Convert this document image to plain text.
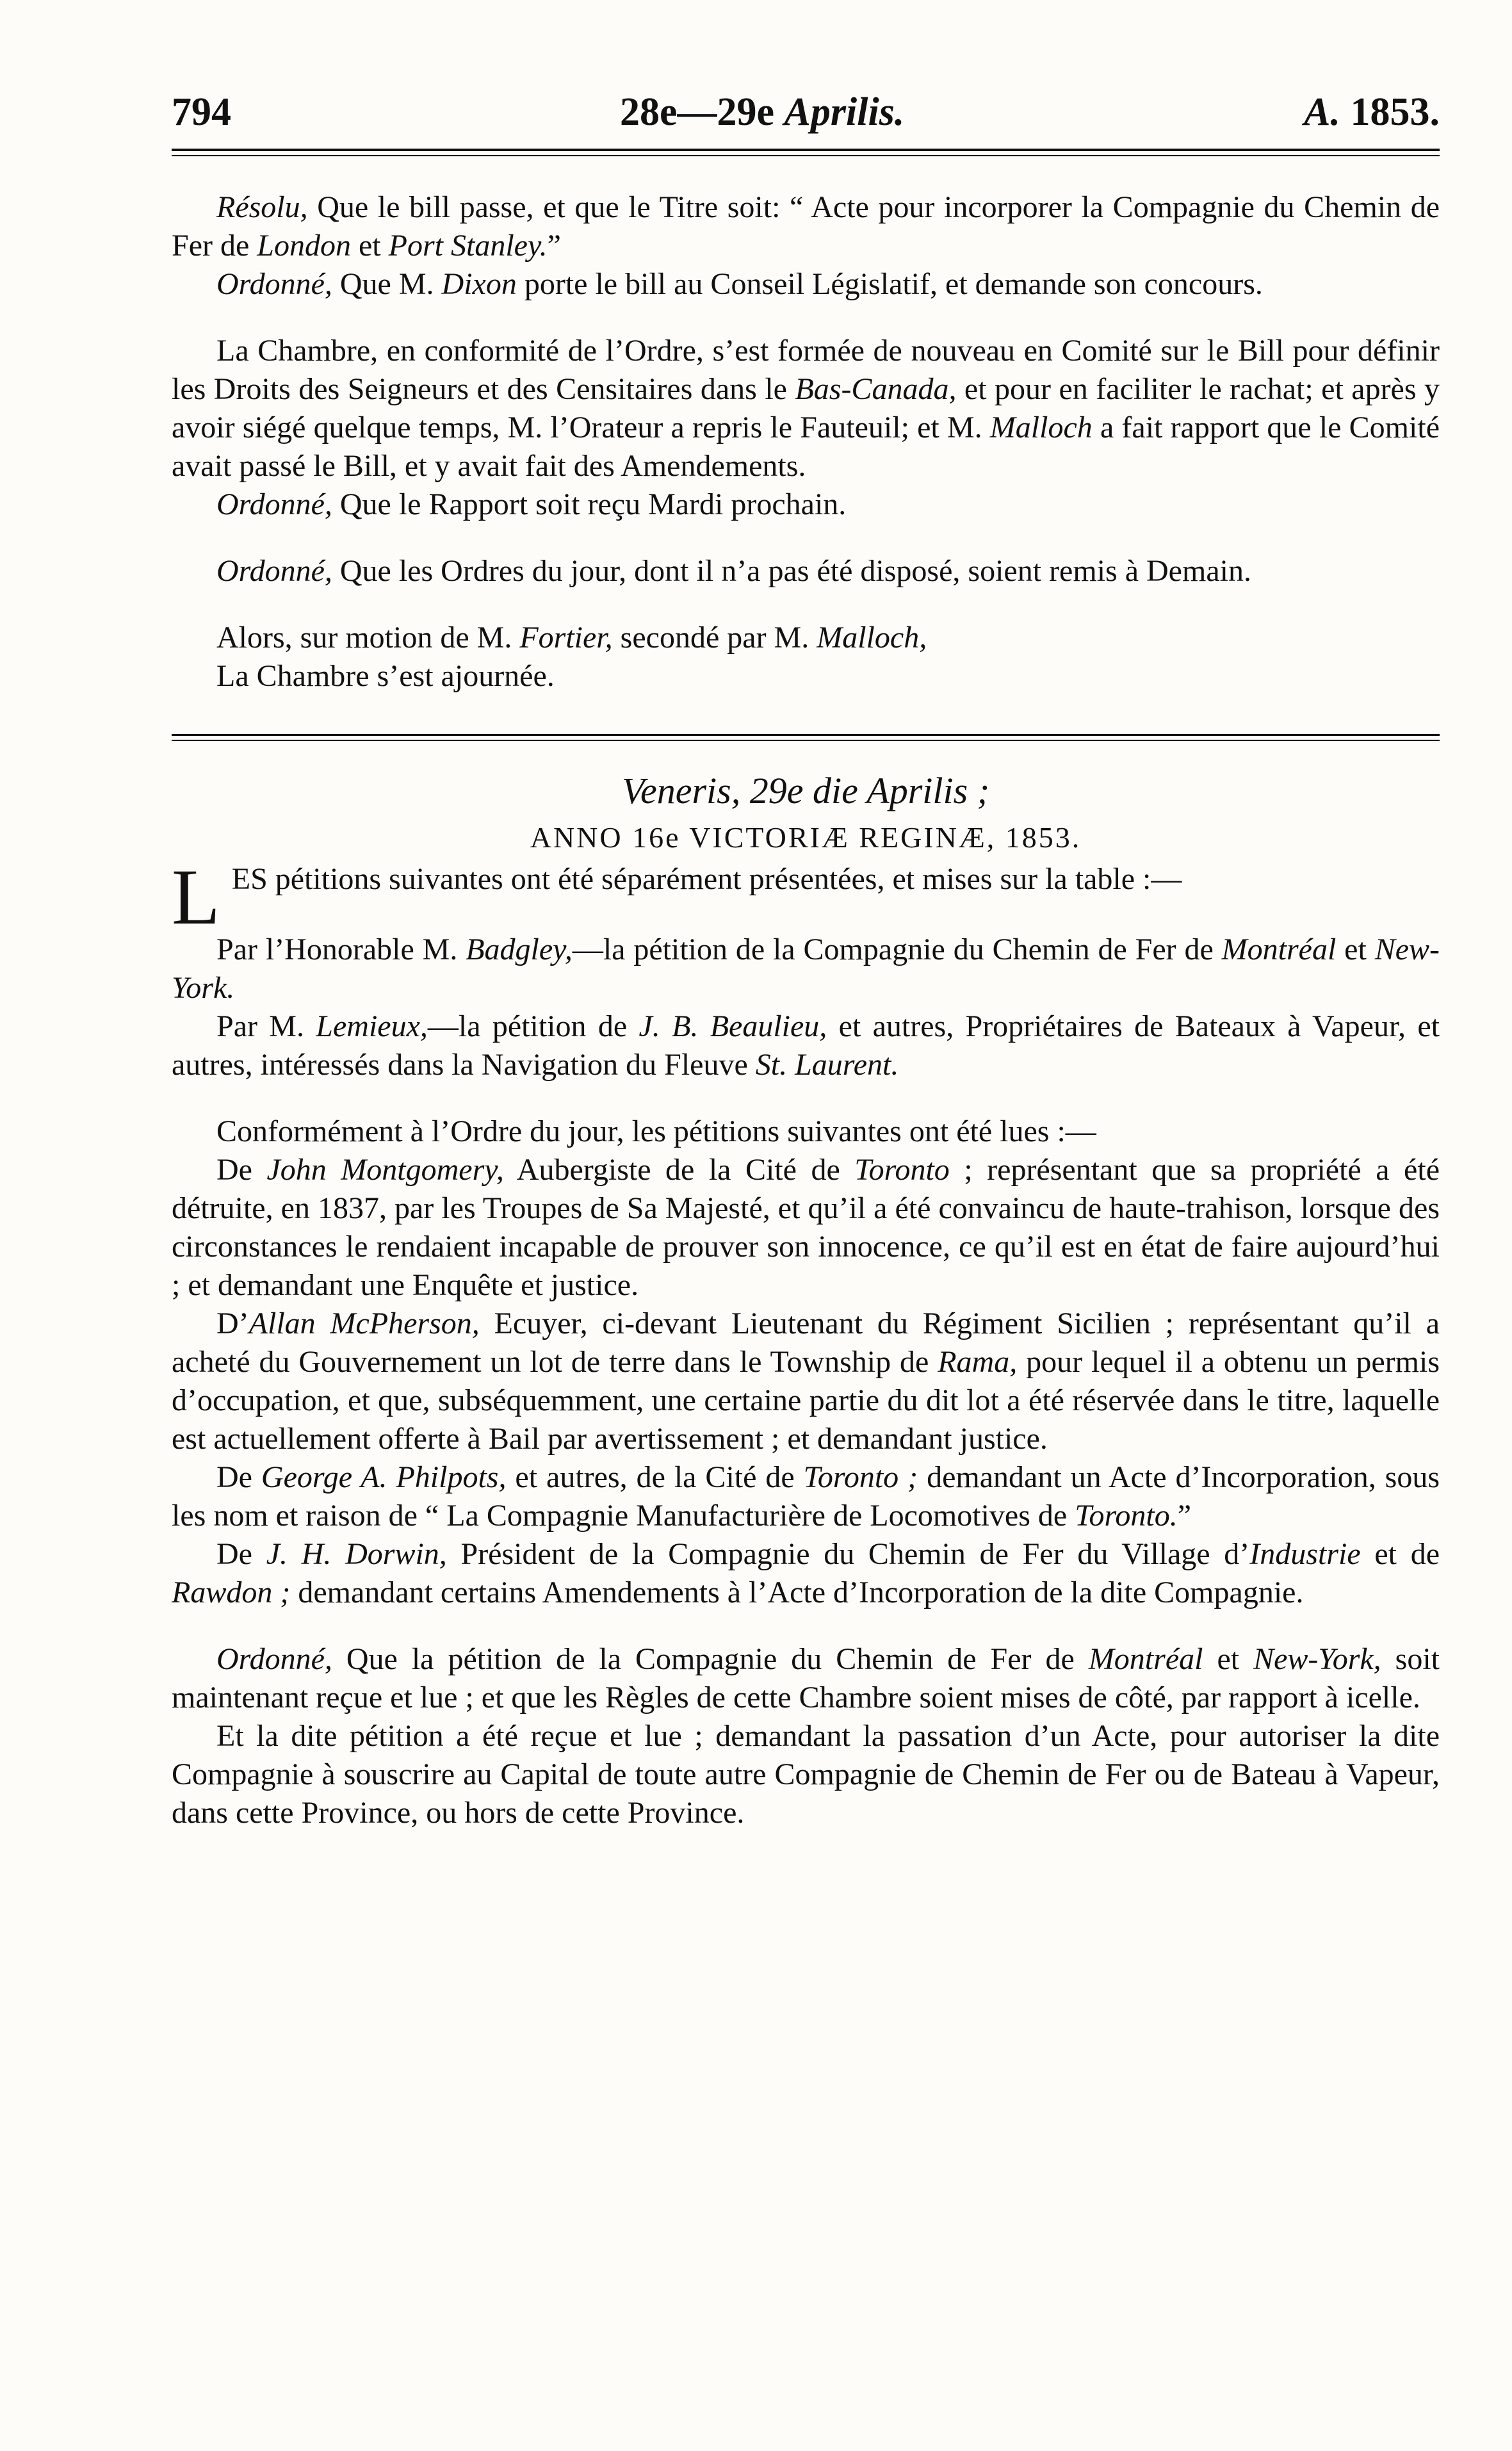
794	28e—29e Aprilis.	A. 1853.

Résolu, Que le bill passe, et que le Titre soit: “ Acte pour incorporer la Compagnie du Chemin de Fer de London et Port Stanley.”

Ordonné, Que M. Dixon porte le bill au Conseil Législatif, et demande son concours.

La Chambre, en conformité de l’Ordre, s’est formée de nouveau en Comité sur le Bill pour définir les Droits des Seigneurs et des Censitaires dans le Bas-Canada, et pour en faciliter le rachat; et après y avoir siégé quelque temps, M. l’Orateur a repris le Fauteuil; et M. Malloch a fait rapport que le Comité avait passé le Bill, et y avait fait des Amendements.

Ordonné, Que le Rapport soit reçu Mardi prochain.

Ordonné, Que les Ordres du jour, dont il n’a pas été disposé, soient remis à Demain.

Alors, sur motion de M. Fortier, secondé par M. Malloch,

La Chambre s’est ajournée.

Veneris, 29e die Aprilis ;
ANNO 16e VICTORIÆ REGINÆ, 1853.

LES pétitions suivantes ont été séparément présentées, et mises sur la table :—

Par l’Honorable M. Badgley,—la pétition de la Compagnie du Chemin de Fer de Montréal et New-York.

Par M. Lemieux,—la pétition de J. B. Beaulieu, et autres, Propriétaires de Bateaux à Vapeur, et autres, intéressés dans la Navigation du Fleuve St. Laurent.

Conformément à l’Ordre du jour, les pétitions suivantes ont été lues :—

De John Montgomery, Aubergiste de la Cité de Toronto ; représentant que sa propriété a été détruite, en 1837, par les Troupes de Sa Majesté, et qu’il a été convaincu de haute-trahison, lorsque des circonstances le rendaient incapable de prouver son innocence, ce qu’il est en état de faire aujourd’hui ; et demandant une Enquête et justice.

D’Allan McPherson, Ecuyer, ci-devant Lieutenant du Régiment Sicilien ; représentant qu’il a acheté du Gouvernement un lot de terre dans le Township de Rama, pour lequel il a obtenu un permis d’occupation, et que, subséquemment, une certaine partie du dit lot a été réservée dans le titre, laquelle est actuellement offerte à Bail par avertissement ; et demandant justice.

De George A. Philpots, et autres, de la Cité de Toronto ; demandant un Acte d’Incorporation, sous les nom et raison de “ La Compagnie Manufacturière de Locomotives de Toronto.”

De J. H. Dorwin, Président de la Compagnie du Chemin de Fer du Village d’Industrie et de Rawdon ; demandant certains Amendements à l’Acte d’Incorporation de la dite Compagnie.

Ordonné, Que la pétition de la Compagnie du Chemin de Fer de Montréal et New-York, soit maintenant reçue et lue ; et que les Règles de cette Chambre soient mises de côté, par rapport à icelle.

Et la dite pétition a été reçue et lue ; demandant la passation d’un Acte, pour autoriser la dite Compagnie à souscrire au Capital de toute autre Compagnie de Chemin de Fer ou de Bateau à Vapeur, dans cette Province, ou hors de cette Province.
